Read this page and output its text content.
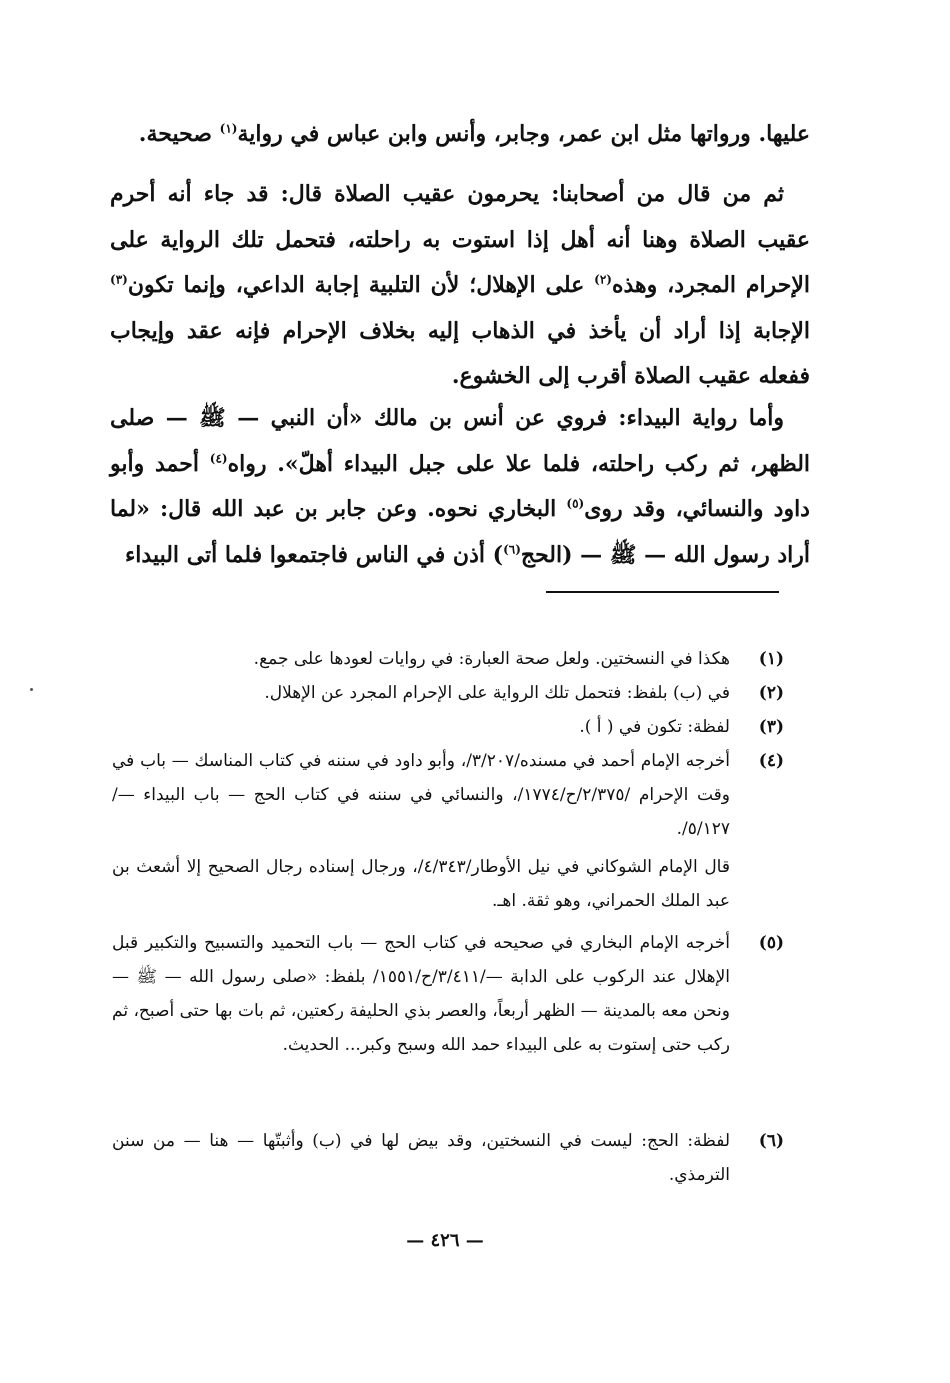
عليها. ورواتها مثل ابن عمر، وجابر، وأنس وابن عباس في رواية$^{(١)}$ صحيحة.

ثم من قال من أصحابنا: يحرمون عقيب الصلاة قال: قد جاء أنه أحرم عقيب الصلاة وهنا أنه أهل إذا استوت به راحلته، فتحمل تلك الرواية على الإحرام المجرد، وهذه$^{(٢)}$ على الإهلال؛ لأن التلبية إجابة الداعي، وإنما تكون$^{(٣)}$ الإجابة إذا أراد أن يأخذ في الذهاب إليه بخلاف الإحرام فإنه عقد وإيجاب ففعله عقيب الصلاة أقرب إلى الخشوع.

وأما رواية البيداء: فروي عن أنس بن مالك «أن النبي — ﷺ — صلى الظهر، ثم ركب راحلته، فلما علا على جبل البيداء أهلّ». رواه$^{(٤)}$ أحمد وأبو داود والنسائي، وقد روى$^{(٥)}$ البخاري نحوه. وعن جابر بن عبد الله قال: «لما أراد رسول الله — ﷺ — (الحج$^{(٦)}$) أذن في الناس فاجتمعوا فلما أتى البيداء

(١)
هكذا في النسختين. ولعل صحة العبارة: في روايات لعودها على جمع.
(٢)
في (ب) بلفظ: فتحمل تلك الرواية على الإحرام المجرد عن الإهلال.
(٣)
لفظة: تكون في ( أ ).
(٤)
أخرجه الإمام أحمد في مسنده/٣/٢٠٧/، وأبو داود في سننه في كتاب المناسك — باب في وقت الإحرام /٢/٣٧٥/ح/١٧٧٤/، والنسائي في سننه في كتاب الحج — باب البيداء —/٥/١٢٧/.
قال الإمام الشوكاني في نيل الأوطار/٤/٣٤٣/، ورجال إسناده رجال الصحيح إلا أشعث بن عبد الملك الحمراني، وهو ثقة. اهـ.
(٥)
أخرجه الإمام البخاري في صحيحه في كتاب الحج — باب التحميد والتسبيح والتكبير قبل الإهلال عند الركوب على الدابة —/٣/٤١١/ح/١٥٥١/ بلفظ: «صلى رسول الله — ﷺ — ونحن معه بالمدينة — الظهر أربعاً، والعصر بذي الحليفة ركعتين، ثم بات بها حتى أصبح، ثم ركب حتى إستوت به على البيداء حمد الله وسبح وكبر... الحديث.
(٦)
لفظة: الحج: ليست في النسختين، وقد بيض لها في (ب) وأثبتّها — هنا — من سنن الترمذي.
— ٤٢٦ —
